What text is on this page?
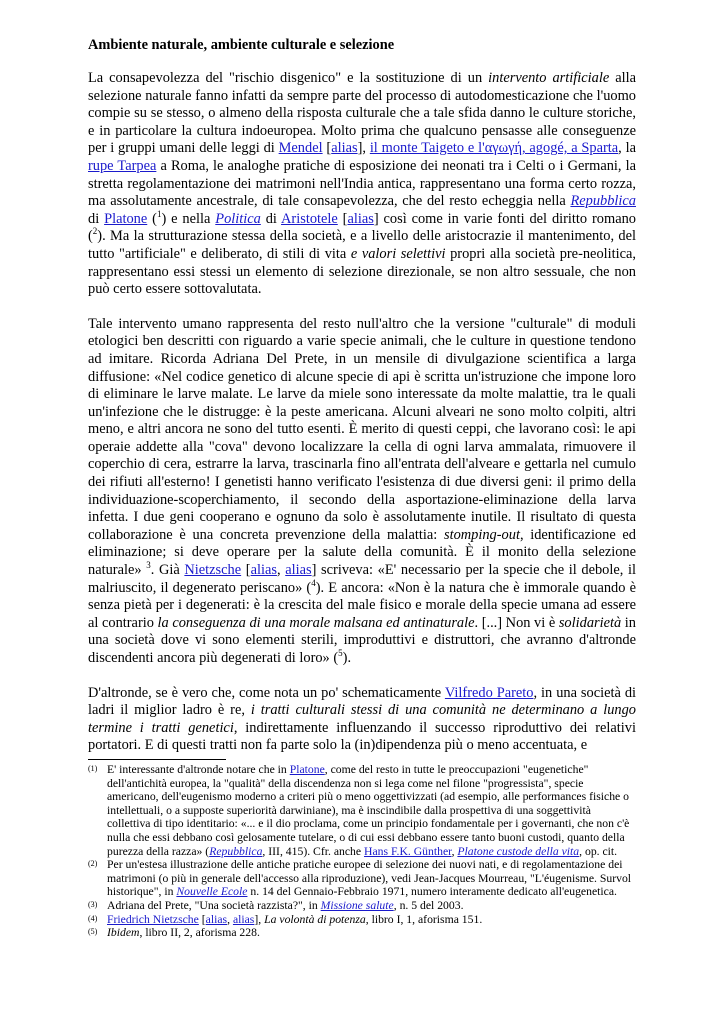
Ambiente naturale, ambiente culturale e selezione

La consapevolezza del "rischio disgenico" e la sostituzione di un intervento artificiale alla selezione naturale fanno infatti da sempre parte del processo di autodomesticazione che l'uomo compie su se stesso, o almeno della risposta culturale che a tale sfida danno le culture storiche, e in particolare la cultura indoeuropea. Molto prima che qualcuno pensasse alle conseguenze per i gruppi umani delle leggi di Mendel [alias], il monte Taigeto e l'αγωγή, agogé, a Sparta, la rupe Tarpea a Roma, le analoghe pratiche di esposizione dei neonati tra i Celti o i Germani, la stretta regolamentazione dei matrimoni nell'India antica, rappresentano una forma certo rozza, ma assolutamente ancestrale, di tale consapevolezza, che del resto echeggia nella Repubblica di Platone ($^1$) e nella Politica di Aristotele [alias] così come in varie fonti del diritto romano ($^2$). Ma la strutturazione stessa della società, e a livello delle aristocrazie il mantenimento, del tutto "artificiale" e deliberato, di stili di vita e valori selettivi propri alla società pre-neolitica, rappresentano essi stessi un elemento di selezione direzionale, se non altro sessuale, che non può certo essere sottovalutata.

Tale intervento umano rappresenta del resto null'altro che la versione "culturale" di moduli etologici ben descritti con riguardo a varie specie animali, che le culture in questione tendono ad imitare. Ricorda Adriana Del Prete, in un mensile di divulgazione scientifica a larga diffusione: «Nel codice genetico di alcune specie di api è scritta un'istruzione che impone loro di eliminare le larve malate. Le larve da miele sono interessate da molte malattie, tra le quali un'infezione che le distrugge: è la peste americana. Alcuni alveari ne sono molto colpiti, altri meno, e altri ancora ne sono del tutto esenti. È merito di questi ceppi, che lavorano così: le api operaie addette alla "cova" devono localizzare la cella di ogni larva ammalata, rimuovere il coperchio di cera, estrarre la larva, trascinarla fino all'entrata dell'alveare e gettarla nel cumulo dei rifiuti all'esterno! I genetisti hanno verificato l'esistenza di due diversi geni: il primo della individuazione-scoperchiamento, il secondo della asportazione-eliminazione della larva infetta. I due geni cooperano e ognuno da solo è assolutamente inutile. Il risultato di questa collaborazione è una concreta prevenzione della malattia: stomping-out, identificazione ed eliminazione; si deve operare per la salute della comunità. È il monito della selezione naturale» $^3$. Già Nietzsche [alias, alias] scriveva: «E' necessario per la specie che il debole, il malriuscito, il degenerato periscano» ($^4$). E ancora: «Non è la natura che è immorale quando è senza pietà per i degenerati: è la crescita del male fisico e morale della specie umana ad essere al contrario la conseguenza di una morale malsana ed antinaturale. [...] Non vi è solidarietà in una società dove vi sono elementi sterili, improduttivi e distruttori, che avranno d'altronde discendenti ancora più degenerati di loro» ($^5$).

D'altronde, se è vero che, come nota un po' schematicamente Vilfredo Pareto, in una società di ladri il miglior ladro è re, i tratti culturali stessi di una comunità ne determinano a lungo termine i tratti genetici, indirettamente influenzando il successo riproduttivo dei relativi portatori. E di questi tratti non fa parte solo la (in)dipendenza più o meno accentuata, e

(1) E' interessante d'altronde notare che in Platone, come del resto in tutte le preoccupazioni "eugenetiche" dell'antichità europea, la "qualità" della discendenza non si lega come nel filone "progressista", specie americano, dell'eugenismo moderno a criteri più o meno oggettivizzati (ad esempio, alle performances fisiche o intellettuali, o a supposte superiorità darwiniane), ma è inscindibile dalla prospettiva di una soggettività collettiva di tipo identitario: «... e il dio proclama, come un principio fondamentale per i governanti, che non c'è nulla che essi debbano così gelosamente tutelare, o di cui essi debbano essere tanto buoni custodi, quanto della purezza della razza» (Repubblica, III, 415). Cfr. anche Hans F.K. Günther, Platone custode della vita, op. cit.

(2) Per un'estesa illustrazione delle antiche pratiche europee di selezione dei nuovi nati, e di regolamentazione dei matrimoni (o più in generale dell'accesso alla riproduzione), vedi Jean-Jacques Mourreau, "L'éugenisme. Survol historique", in Nouvelle Ecole n. 14 del Gennaio-Febbraio 1971, numero interamente dedicato all'eugenetica.

(3) Adriana del Prete, "Una società razzista?", in Missione salute, n. 5 del 2003.

(4) Friedrich Nietzsche [alias, alias], La volontà di potenza, libro I, 1, aforisma 151.

(5) Ibidem, libro II, 2, aforisma 228.
